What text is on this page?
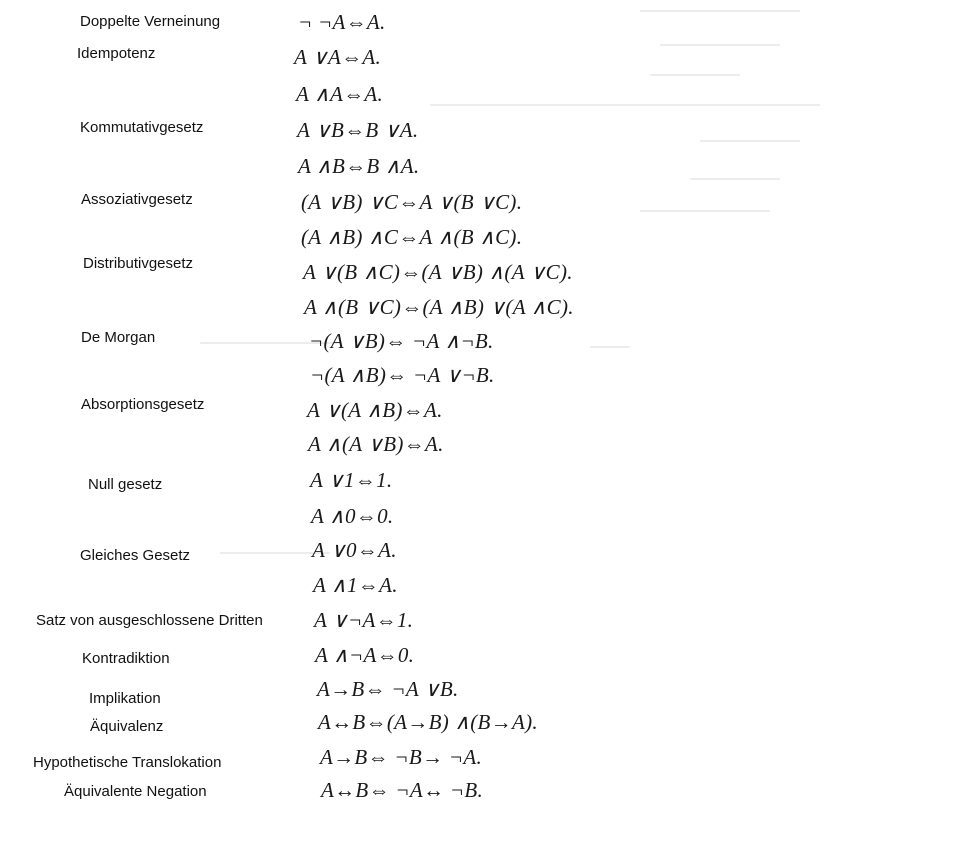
Doppelte Verneinung
Idempotenz
Kommutativgesetz
Assoziativgesetz
Distributivgesetz
De Morgan
Absorptionsgesetz
Null gesetz
Gleiches Gesetz
Satz von ausgeschlossene Dritten
Kontradiktion
Implikation
Äquivalenz
Hypothetische Translokation
Äquivalente Negation
¬ ¬A⇔A.
A ∨A⇔A.
A ∧A⇔A.
A ∨B⇔B ∨A.
A ∧B⇔B ∧A.
(A ∨B) ∨C⇔A ∨(B ∨C).
(A ∧B) ∧C⇔A ∧(B ∧C).
A ∨(B ∧C)⇔(A ∨B) ∧(A ∨C).
A ∧(B ∨C)⇔(A ∧B) ∨(A ∧C).
¬(A ∨B)⇔ ¬A ∧¬B.
¬(A ∧B)⇔ ¬A ∨¬B.
A ∨(A ∧B)⇔A.
A ∧(A ∨B)⇔A.
A ∨1⇔1.
A ∧0⇔0.
A ∨0⇔A.
A ∧1⇔A.
A ∨¬A⇔1.
A ∧¬A⇔0.
A→B⇔ ¬A ∨B.
A↔B⇔(A→B) ∧(B→A).
A→B⇔ ¬B→ ¬A.
A↔B⇔ ¬A↔ ¬B.
